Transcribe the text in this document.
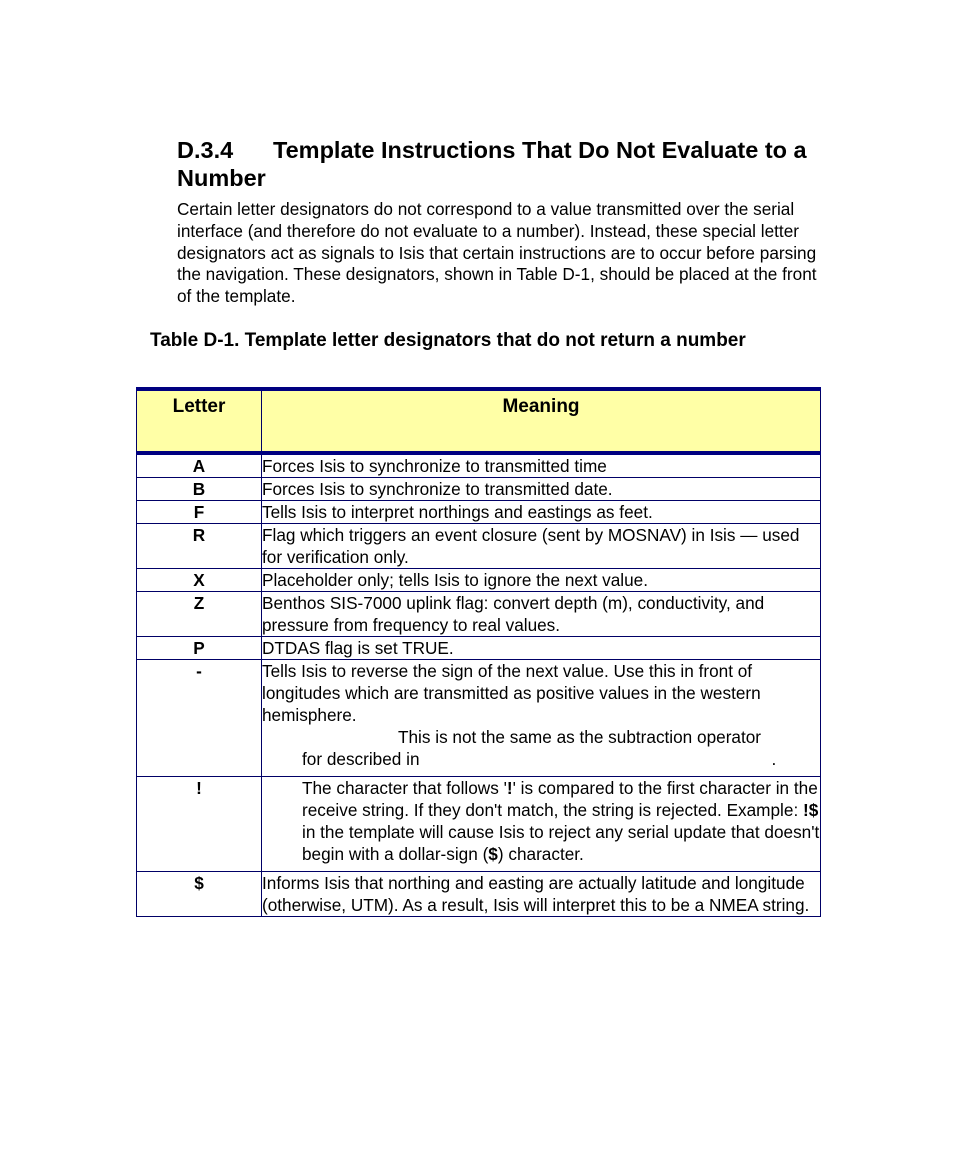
D.3.4 Template Instructions That Do Not Evaluate to a Number

Certain letter designators do not correspond to a value transmitted over the serial interface (and therefore do not evaluate to a number). Instead, these special letter designators act as signals to Isis that certain instructions are to occur before parsing the navigation. These designators, shown in Table D-1, should be placed at the front of the template.

Table D-1. Template letter designators that do not return a number

Letter	Meaning
A	Forces Isis to synchronize to transmitted time
B	Forces Isis to synchronize to transmitted date.
F	Tells Isis to interpret northings and eastings as feet.
R	Flag which triggers an event closure (sent by MOSNAV) in Isis — used for verification only.
X	Placeholder only; tells Isis to ignore the next value.
Z	Benthos SIS-7000 uplink flag: convert depth (m), conductivity, and pressure from frequency to real values.
P	DTDAS flag is set TRUE.
-	Tells Isis to reverse the sign of the next value. Use this in front of longitudes which are transmitted as positive values in the western hemisphere.
This is not the same as the subtraction operator
for described in .

!	The character that follows '!' is compared to the first character in the receive string. If they don't match, the string is rejected. Example: !$ in the template will cause Isis to reject any serial update that doesn't begin with a dollar-sign ($) character.

$	Informs Isis that northing and easting are actually latitude and longitude (otherwise, UTM). As a result, Isis will interpret this to be a NMEA string.
